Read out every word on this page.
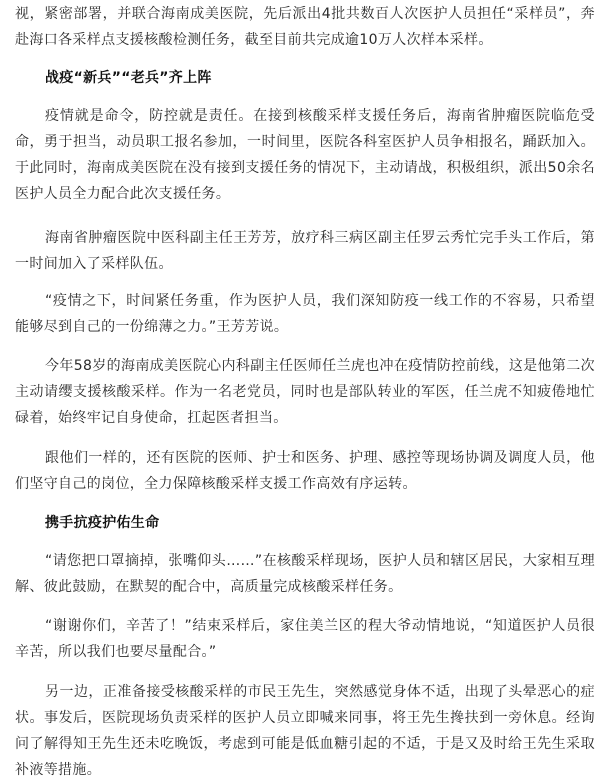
视，紧密部署，并联合海南成美医院，先后派出4批共数百人次医护人员担任“采样员”，奔赴海口各采样点支援核酸检测任务，截至目前共完成逾10万人次样本采样。

战疫“新兵”“老兵”齐上阵

疫情就是命令，防控就是责任。在接到核酸采样支援任务后，海南省肿瘤医院临危受命，勇于担当，动员职工报名参加，一时间里，医院各科室医护人员争相报名，踊跃加入。于此同时，海南成美医院在没有接到支援任务的情况下，主动请战，积极组织，派出50余名医护人员全力配合此次支援任务。

海南省肿瘤医院中医科副主任王芳芳，放疗科三病区副主任罗云秀忙完手头工作后，第一时间加入了采样队伍。

“疫情之下，时间紧任务重，作为医护人员，我们深知防疫一线工作的不容易，只希望能够尽到自己的一份绵薄之力。”王芳芳说。

今年58岁的海南成美医院心内科副主任医师任兰虎也冲在疫情防控前线，这是他第二次主动请缨支援核酸采样。作为一名老党员，同时也是部队转业的军医，任兰虎不知疲倦地忙碌着，始终牢记自身使命，扛起医者担当。

跟他们一样的，还有医院的医师、护士和医务、护理、感控等现场协调及调度人员，他们坚守自己的岗位，全力保障核酸采样支援工作高效有序运转。

携手抗疫护佑生命

“请您把口罩摘掉，张嘴仰头……”在核酸采样现场，医护人员和辖区居民，大家相互理解、彼此鼓励，在默契的配合中，高质量完成核酸采样任务。

“谢谢你们，辛苦了！”结束采样后，家住美兰区的程大爷动情地说，“知道医护人员很辛苦，所以我们也要尽量配合。”

另一边，正准备接受核酸采样的市民王先生，突然感觉身体不适，出现了头晕恶心的症状。事发后，医院现场负责采样的医护人员立即喊来同事，将王先生搀扶到一旁休息。经询问了解得知王先生还未吃晚饭，考虑到可能是低血糖引起的不适，于是又及时给王先生采取补液等措施。
